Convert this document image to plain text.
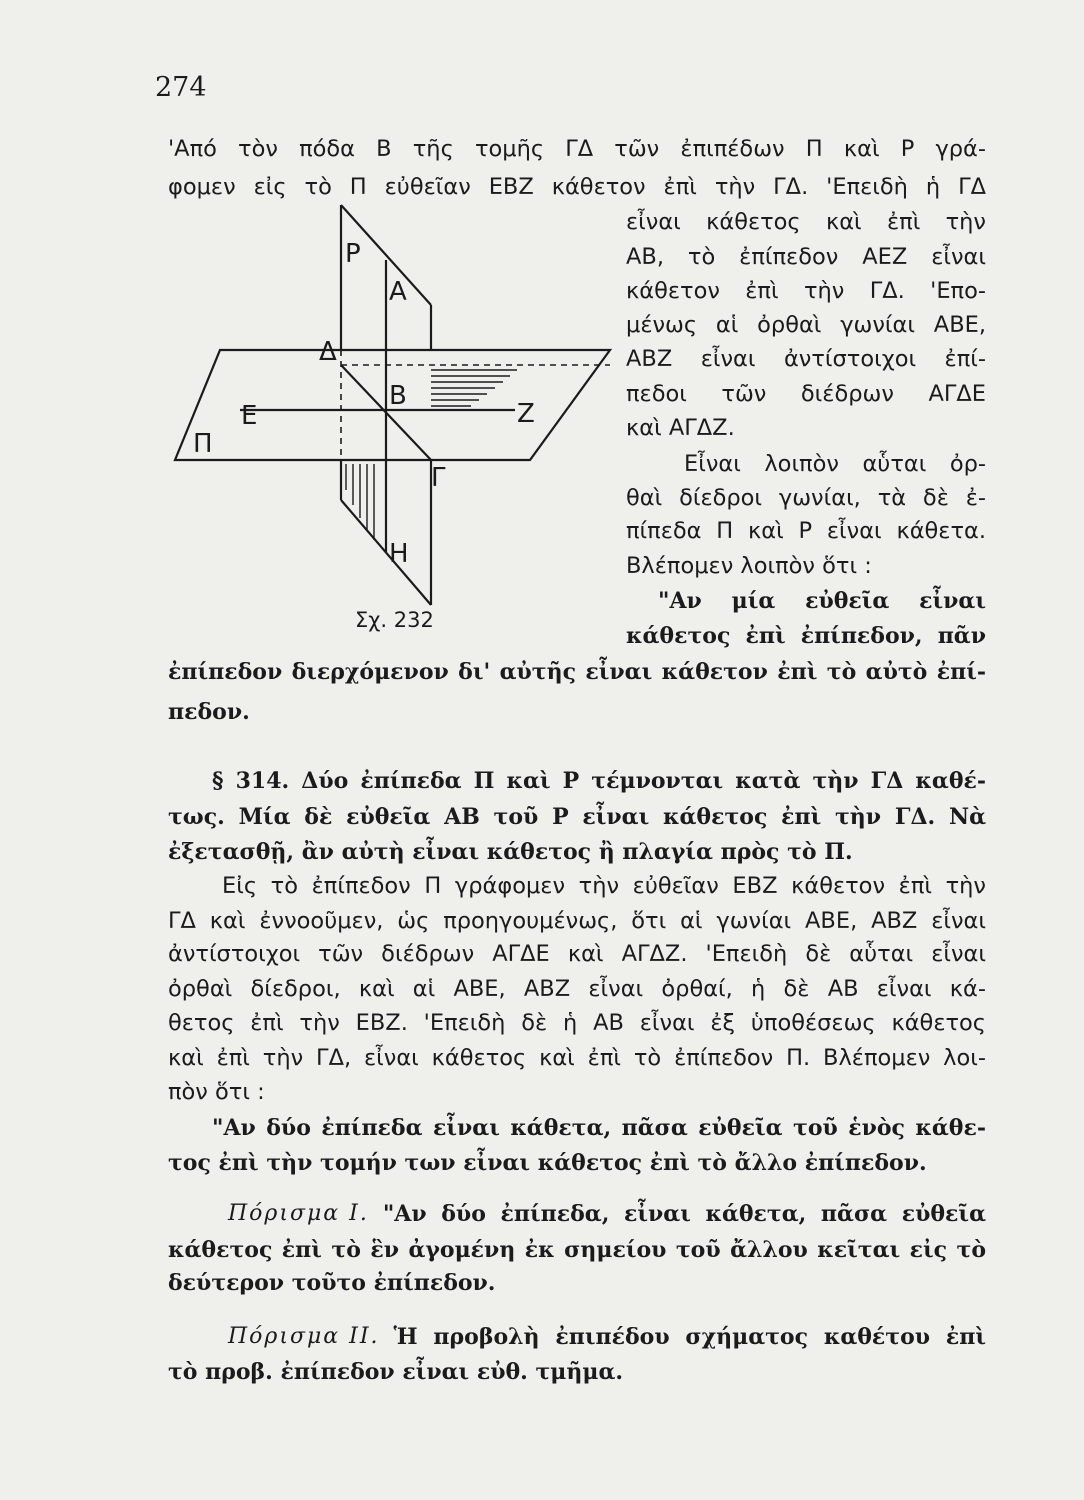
274
'Από τὸν πόδα Β τῆς τομῆς ΓΔ τῶν ἐπιπέδων Π καὶ Ρ γρά-
φομεν εἰς τὸ Π εὐθεῖαν ΕΒΖ κάθετον ἐπὶ τὴν ΓΔ. 'Επειδὴ ἡ ΓΔ
εἶναι κάθετος καὶ ἐπὶ τὴν
ΑΒ, τὸ ἐπίπεδον ΑΕΖ εἶναι
κάθετον ἐπὶ τὴν ΓΔ. 'Επο-
μένως αἱ ὀρθαὶ γωνίαι ΑΒΕ,
ΑΒΖ εἶναι ἀντίστοιχοι ἐπί-
πεδοι τῶν διέδρων ΑΓΔΕ
καὶ ΑΓΔΖ.
Εἶναι λοιπὸν αὗται ὀρ-
θαὶ δίεδροι γωνίαι, τὰ δὲ ἐ-
πίπεδα Π καὶ Ρ εἶναι κάθετα.
Βλέπομεν λοιπὸν ὅτι :
"Αν μία εὐθεῖα εἶναι
κάθετος ἐπὶ ἐπίπεδον, πᾶν
Ρ
Α
Δ
Ε
Β
Ζ
Π
Γ
Η
Σχ. 232
ἐπίπεδον διερχόμενον δι' αὐτῆς εἶναι κάθετον ἐπὶ τὸ αὐτὸ ἐπί-
πεδον.
§ 314. Δύο ἐπίπεδα Π καὶ Ρ τέμνονται κατὰ τὴν ΓΔ καθέ-
τως. Μία δὲ εὐθεῖα ΑΒ τοῦ Ρ εἶναι κάθετος ἐπὶ τὴν ΓΔ. Νὰ
ἐξετασθῇ, ἂν αὐτὴ εἶναι κάθετος ἢ πλαγία πρὸς τὸ Π.
Εἰς τὸ ἐπίπεδον Π γράφομεν τὴν εὐθεῖαν ΕΒΖ κάθετον ἐπὶ τὴν
ΓΔ καὶ ἐννοοῦμεν, ὡς προηγουμένως, ὅτι αἱ γωνίαι ΑΒΕ, ΑΒΖ εἶναι
ἀντίστοιχοι τῶν διέδρων ΑΓΔΕ καὶ ΑΓΔΖ. 'Επειδὴ δὲ αὗται εἶναι
ὀρθαὶ δίεδροι, καὶ αἱ ΑΒΕ, ΑΒΖ εἶναι ὀρθαί, ἡ δὲ ΑΒ εἶναι κά-
θετος ἐπὶ τὴν ΕΒΖ. 'Επειδὴ δὲ ἡ ΑΒ εἶναι ἐξ ὑποθέσεως κάθετος
καὶ ἐπὶ τὴν ΓΔ, εἶναι κάθετος καὶ ἐπὶ τὸ ἐπίπεδον Π. Βλέπομεν λοι-
πὸν ὅτι :
"Αν δύο ἐπίπεδα εἶναι κάθετα, πᾶσα εὐθεῖα τοῦ ἑνὸς κάθε-
τος ἐπὶ τὴν τομήν των εἶναι κάθετος ἐπὶ τὸ ἄλλο ἐπίπεδον.
Πόρισμα Ι. "Αν δύο ἐπίπεδα, εἶναι κάθετα, πᾶσα εὐθεῖα
κάθετος ἐπὶ τὸ ἓν ἀγομένη ἐκ σημείου τοῦ ἄλλου κεῖται εἰς τὸ
δεύτερον τοῦτο ἐπίπεδον.
Πόρισμα ΙΙ. Ἡ προβολὴ ἐπιπέδου σχήματος καθέτου ἐπὶ
τὸ προβ. ἐπίπεδον εἶναι εὐθ. τμῆμα.
